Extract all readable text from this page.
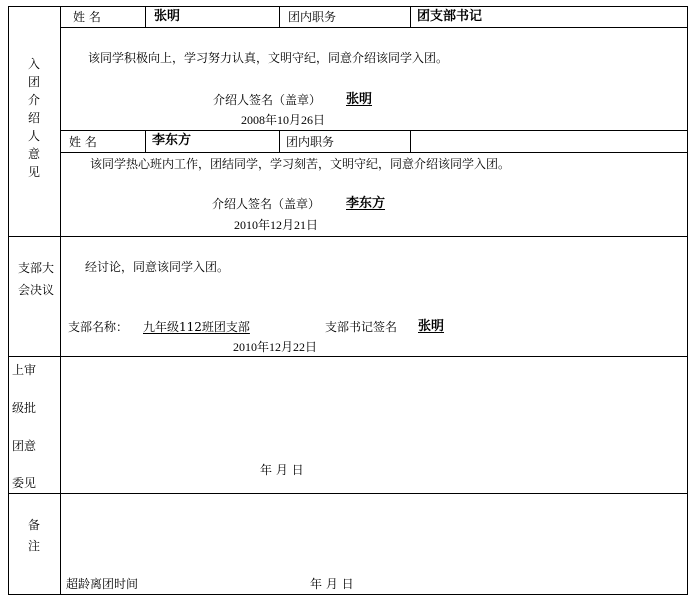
入团介绍人意见
姓 名	张明	团内职务	团支部书记
该同学积极向上，学习努力认真，文明守纪，同意介绍该同学入团。
介绍人签名（盖章） 张明
2008年10月26日
姓 名	李东方	团内职务
该同学热心班内工作，团结同学，学习刻苦，文明守纪，同意介绍该同学入团。
介绍人签名（盖章） 李东方
2010年12月21日
支部大会决议
经讨论，同意该同学入团。
支部名称： 九年级112班团支部	支部书记签名 张明
2010年12月22日
上审
级批
团意
委见
年 月 日
备注
超龄离团时间	年 月 日
